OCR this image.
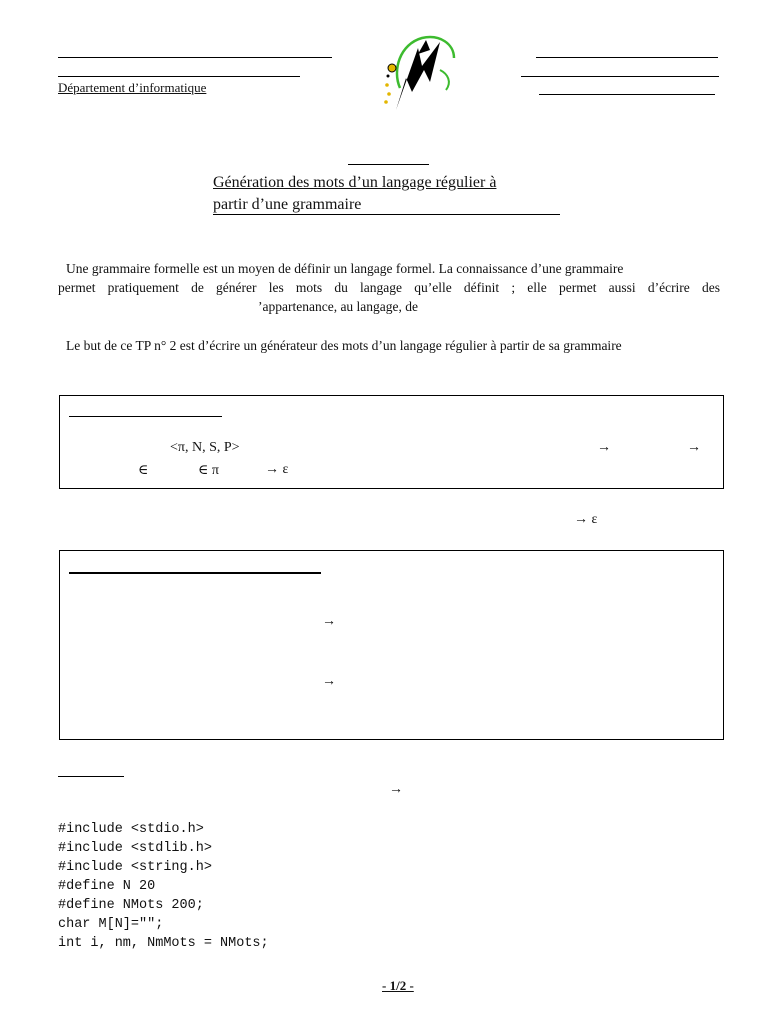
Département d’informatique
Génération des mots d’un langage régulier à
partir d’une grammaire
Une grammaire formelle est un moyen de définir un langage formel. La connaissance d’une grammaire
permet pratiquement de générer les mots du langage qu’elle définit ; elle permet aussi d’écrire des
’appartenance, au langage, de
Le but de ce TP n° 2 est d’écrire un générateur des mots d’un langage régulier à partir de sa grammaire
<π, N, S, P>	→	→
∈	∈ π	→ ε
→ ε
→
→
→
#include <stdio.h>
#include <stdlib.h>
#include <string.h>
#define N 20
#define NMots 200;
char M[N]="";
int i, nm, NmMots = NMots;
- 1/2 -
